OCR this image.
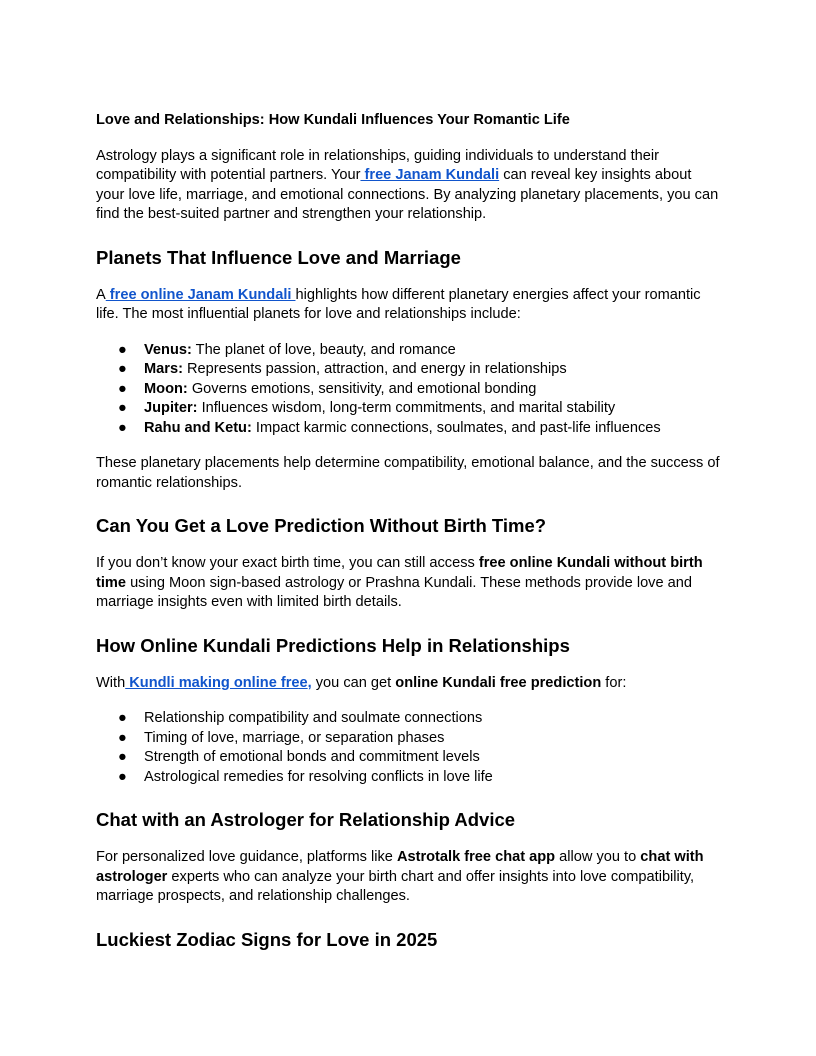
Love and Relationships: How Kundali Influences Your Romantic Life

Astrology plays a significant role in relationships, guiding individuals to understand their compatibility with potential partners. Your free Janam Kundali can reveal key insights about your love life, marriage, and emotional connections. By analyzing planetary placements, you can find the best-suited partner and strengthen your relationship.

Planets That Influence Love and Marriage

A free online Janam Kundali highlights how different planetary energies affect your romantic life. The most influential planets for love and relationships include:

● Venus: The planet of love, beauty, and romance
● Mars: Represents passion, attraction, and energy in relationships
● Moon: Governs emotions, sensitivity, and emotional bonding
● Jupiter: Influences wisdom, long-term commitments, and marital stability
● Rahu and Ketu: Impact karmic connections, soulmates, and past-life influences

These planetary placements help determine compatibility, emotional balance, and the success of romantic relationships.

Can You Get a Love Prediction Without Birth Time?

If you don’t know your exact birth time, you can still access free online Kundali without birth time using Moon sign-based astrology or Prashna Kundali. These methods provide love and marriage insights even with limited birth details.

How Online Kundali Predictions Help in Relationships

With Kundli making online free, you can get online Kundali free prediction for:

● Relationship compatibility and soulmate connections
● Timing of love, marriage, or separation phases
● Strength of emotional bonds and commitment levels
● Astrological remedies for resolving conflicts in love life
Chat with an Astrologer for Relationship Advice

For personalized love guidance, platforms like Astrotalk free chat app allow you to chat with astrologer experts who can analyze your birth chart and offer insights into love compatibility, marriage prospects, and relationship challenges.

Luckiest Zodiac Signs for Love in 2025
